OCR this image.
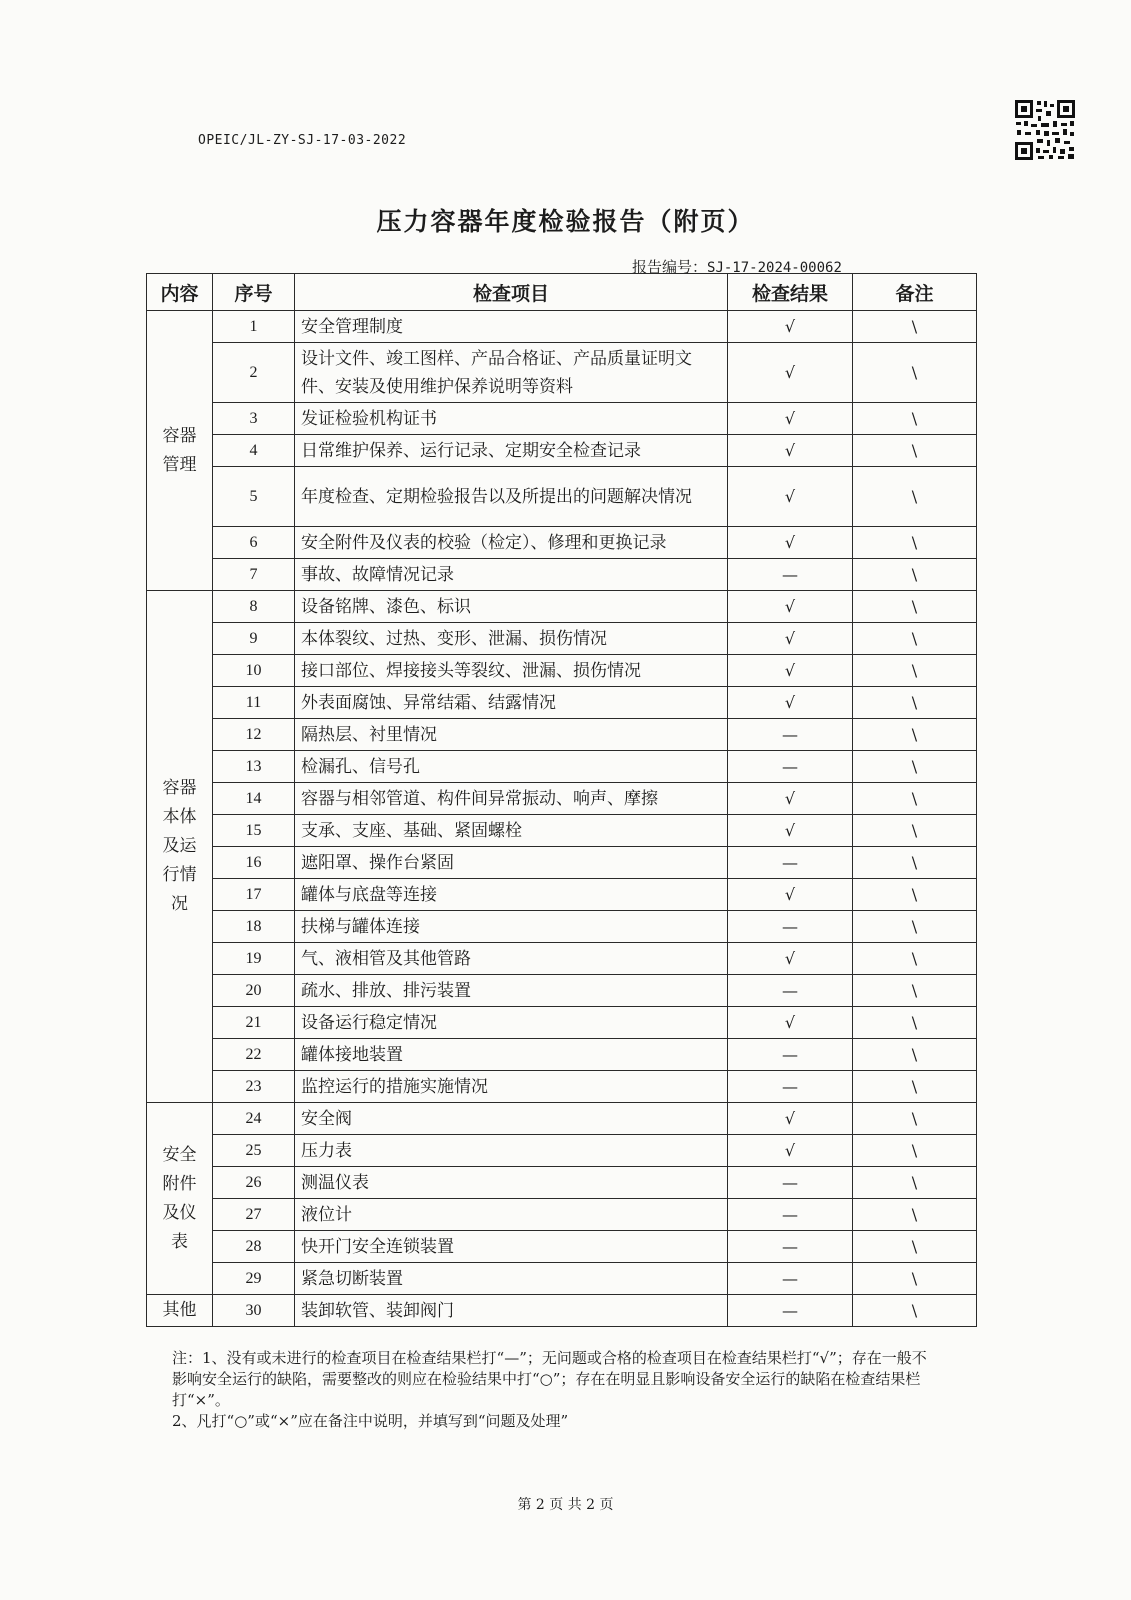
OPEIC/JL-ZY-SJ-17-03-2022
压力容器年度检验报告（附页）
报告编号：SJ-17-2024-00062
内容	序号	检查项目	检查结果	备注
容器管理	1	安全管理制度	√	\
	2	设计文件、竣工图样、产品合格证、产品质量证明文件、安装及使用维护保养说明等资料	√	\
	3	发证检验机构证书	√	\
	4	日常维护保养、运行记录、定期安全检查记录	√	\
	5	年度检查、定期检验报告以及所提出的问题解决情况	√	\
	6	安全附件及仪表的校验（检定）、修理和更换记录	√	\
	7	事故、故障情况记录	—	\
容器本体及运行情况	8	设备铭牌、漆色、标识	√	\
	9	本体裂纹、过热、变形、泄漏、损伤情况	√	\
	10	接口部位、焊接接头等裂纹、泄漏、损伤情况	√	\
	11	外表面腐蚀、异常结霜、结露情况	√	\
	12	隔热层、衬里情况	—	\
	13	检漏孔、信号孔	—	\
	14	容器与相邻管道、构件间异常振动、响声、摩擦	√	\
	15	支承、支座、基础、紧固螺栓	√	\
	16	遮阳罩、操作台紧固	—	\
	17	罐体与底盘等连接	√	\
	18	扶梯与罐体连接	—	\
	19	气、液相管及其他管路	√	\
	20	疏水、排放、排污装置	—	\
	21	设备运行稳定情况	√	\
	22	罐体接地装置	—	\
	23	监控运行的措施实施情况	—	\
安全附件及仪表	24	安全阀	√	\
	25	压力表	√	\
	26	测温仪表	—	\
	27	液位计	—	\
	28	快开门安全连锁装置	—	\
	29	紧急切断装置	—	\
其他	30	装卸软管、装卸阀门	—	\
注：1、没有或未进行的检查项目在检查结果栏打“—”；无问题或合格的检查项目在检查结果栏打“√”；存在一般不影响安全运行的缺陷，需要整改的则应在检验结果中打“○”；存在在明显且影响设备安全运行的缺陷在检查结果栏打“×”。
2、凡打“○”或“×”应在备注中说明，并填写到“问题及处理”
第 2 页 共 2 页
